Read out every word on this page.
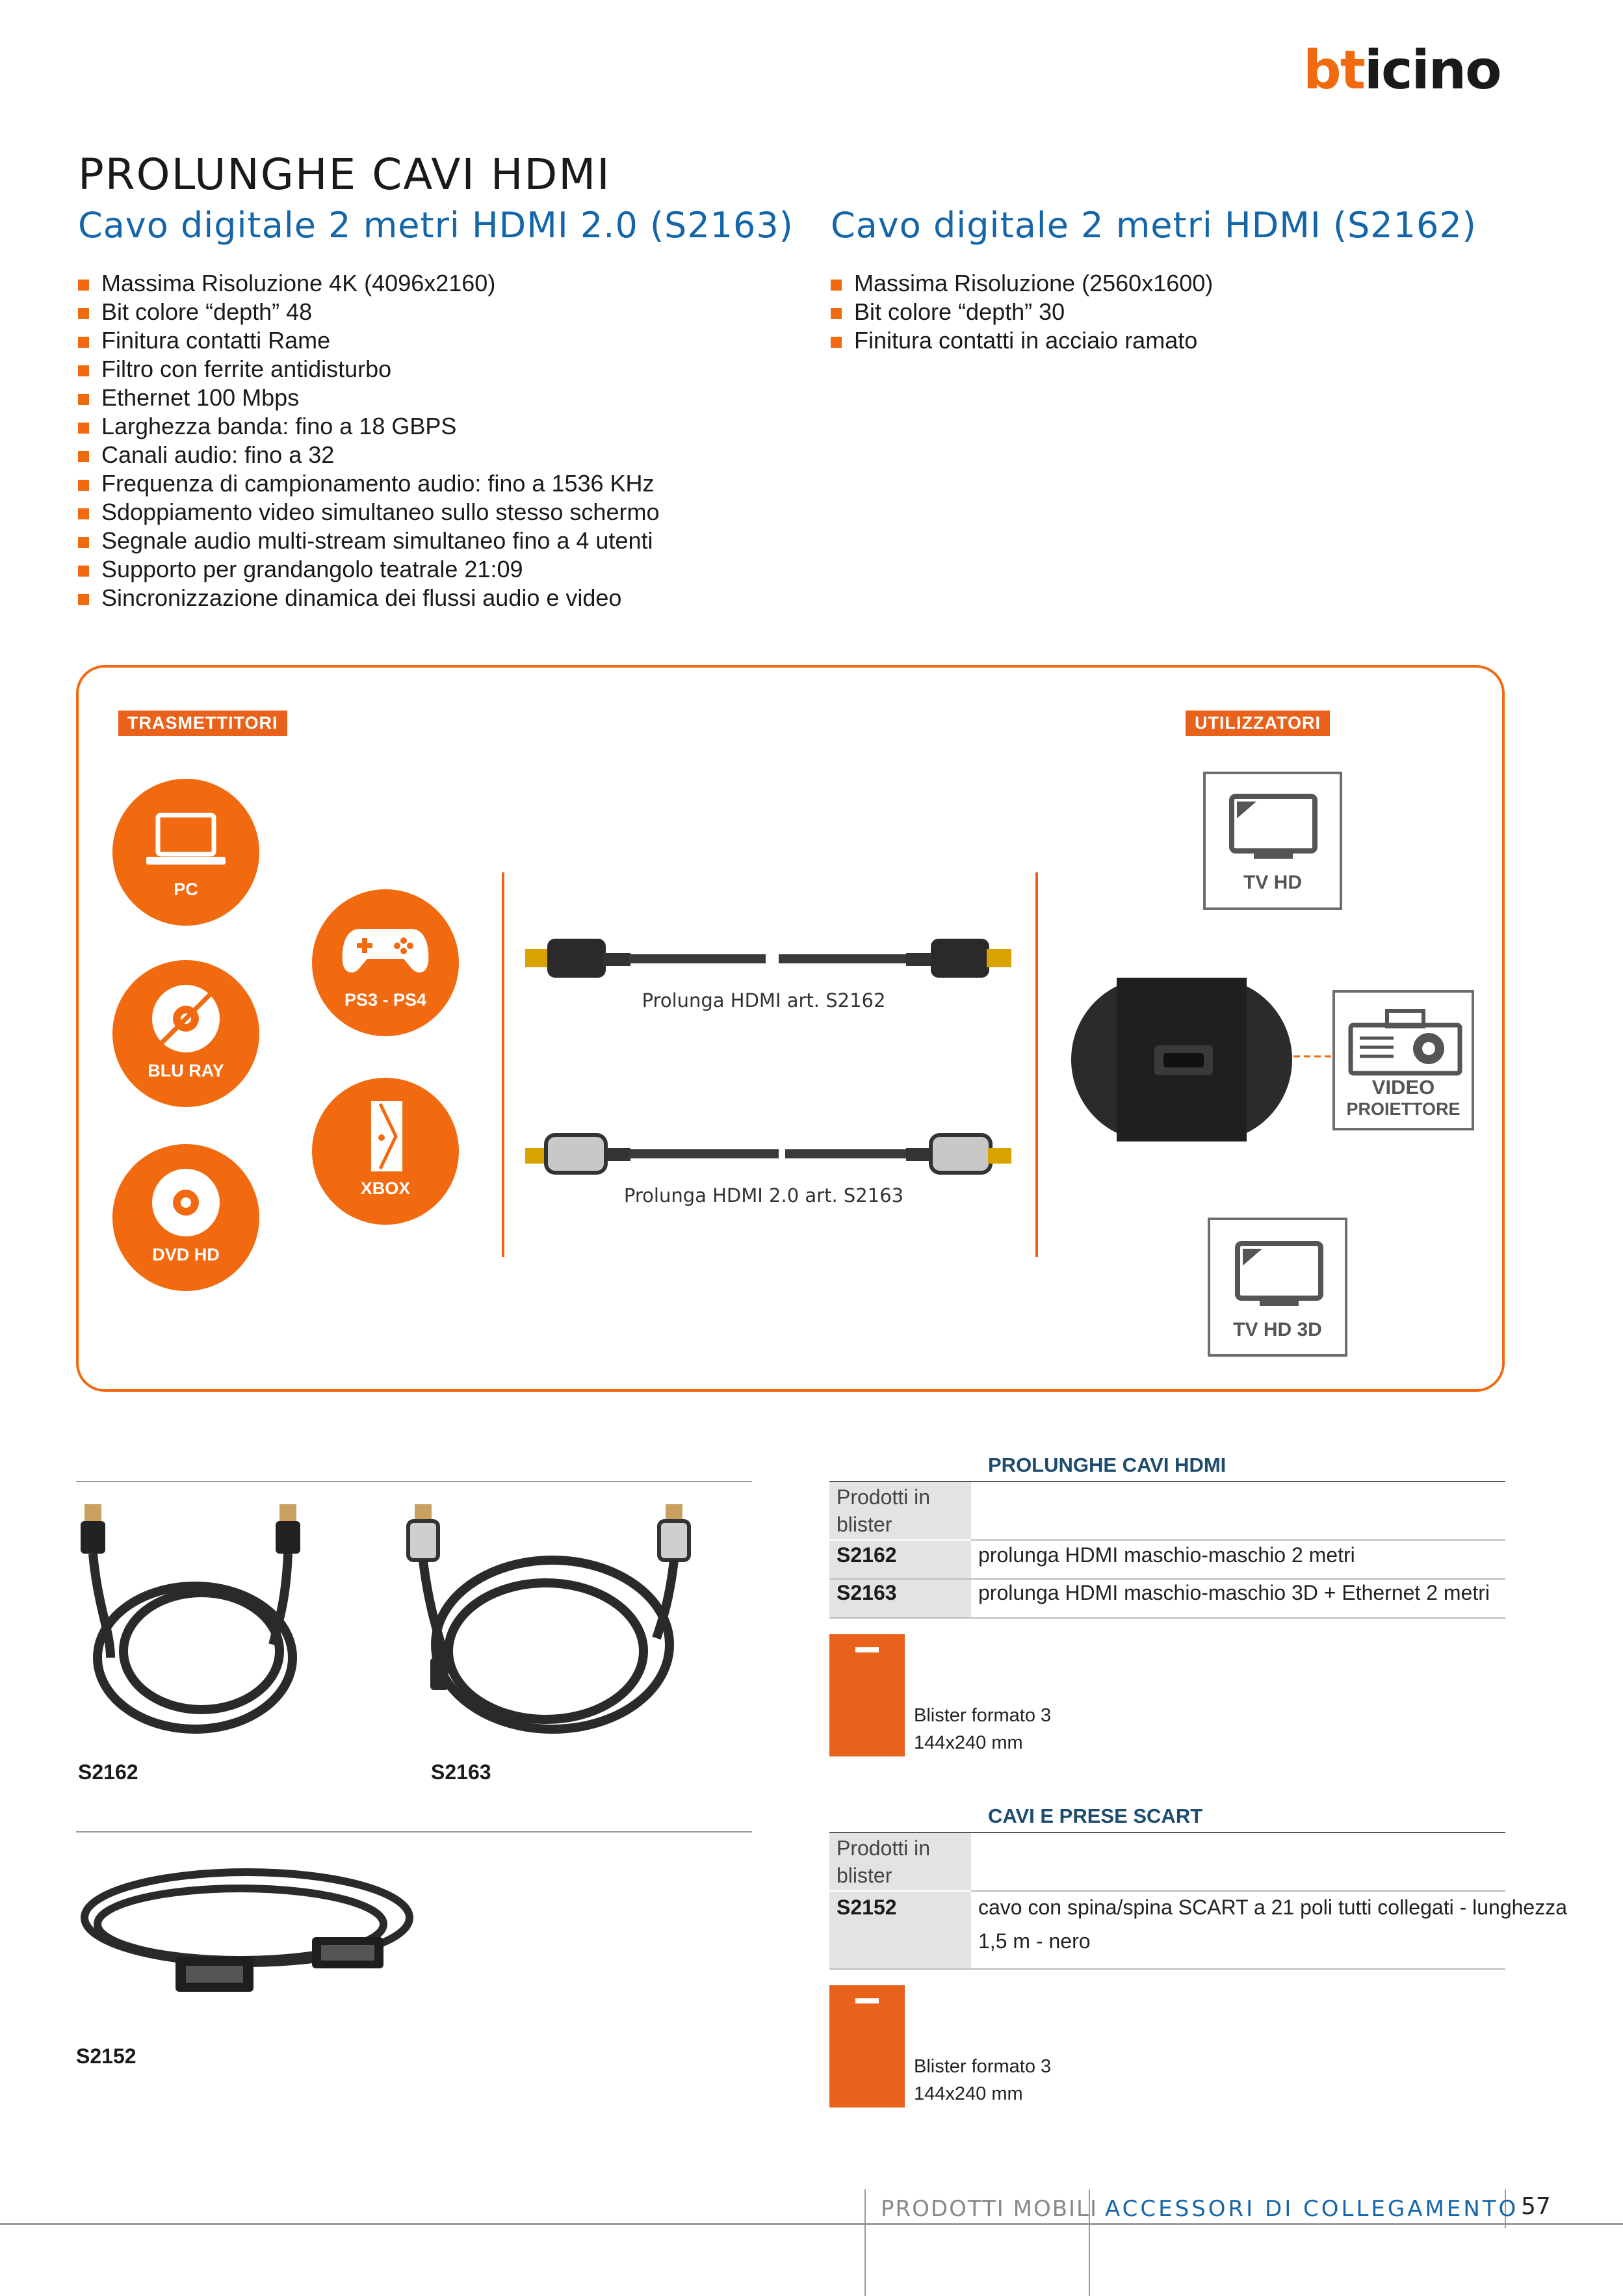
bticino
PROLUNGHE CAVI HDMI
Cavo digitale 2 metri HDMI 2.0 (S2163) Cavo digitale 2 metri HDMI (S2162)
Massima Risoluzione 4K (4096x2160)
Bit colore “depth” 48
Finitura contatti Rame
Filtro con ferrite antidisturbo
Ethernet 100 Mbps
Larghezza banda: fino a 18 GBPS
Canali audio: fino a 32
Frequenza di campionamento audio: fino a 1536 KHz
Sdoppiamento video simultaneo sullo stesso schermo
Segnale audio multi-stream simultaneo fino a 4 utenti
Supporto per grandangolo teatrale 21:09
Sincronizzazione dinamica dei flussi audio e video
Massima Risoluzione (2560x1600)
Bit colore “depth” 30
Finitura contatti in acciaio ramato
TRASMETTITORI	UTILIZZATORI
PC
BLU RAY
DVD HD
PS3 - PS4
XBOX
Prolunga HDMI art. S2162
Prolunga HDMI 2.0 art. S2163
TV HD
VIDEO
PROIETTORE
TV HD 3D
S2162	S2163
S2152
PROLUNGHE CAVI HDMI
Prodotti in blister
S2162	prolunga HDMI maschio-maschio 2 metri
S2163	prolunga HDMI maschio-maschio 3D + Ethernet 2 metri
Blister formato 3
144x240 mm
CAVI E PRESE SCART
Prodotti in blister
S2152	cavo con spina/spina SCART a 21 poli tutti collegati - lunghezza
1,5 m - nero
Blister formato 3
144x240 mm
PRODOTTI MOBILI ACCESSORI DI COLLEGAMENTO 57
